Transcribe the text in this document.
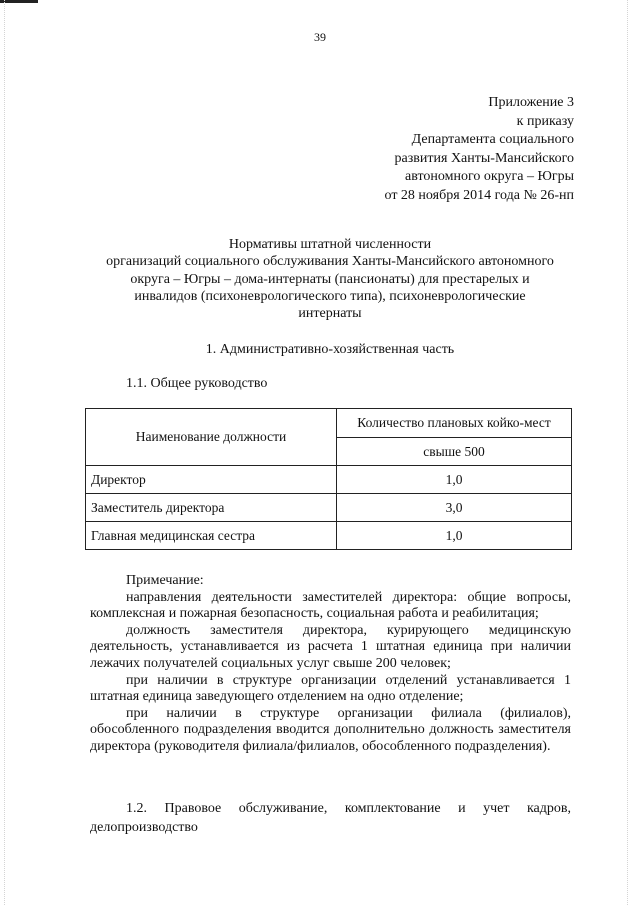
39
Приложение 3
к приказу
Департамента социального
развития Ханты-Мансийского
автономного округа – Югры
от 28 ноября 2014 года № 26-нп
Нормативы штатной численности
организаций социального обслуживания Ханты-Мансийского автономного
округа – Югры – дома-интернаты (пансионаты) для престарелых и
инвалидов (психоневрологического типа), психоневрологические
интернаты
1. Административно-хозяйственная часть
1.1. Общее руководство
Наименование должности	Количество плановых койко-мест
	свыше 500
Директор	1,0
Заместитель директора	3,0
Главная медицинская сестра	1,0
Примечание:

направления деятельности заместителей директора: общие вопросы, комплексная и пожарная безопасность, социальная работа и реабилитация;

должность заместителя директора, курирующего медицинскую деятельность, устанавливается из расчета 1 штатная единица при наличии лежачих получателей социальных услуг свыше 200 человек;

при наличии в структуре организации отделений устанавливается 1 штатная единица заведующего отделением на одно отделение;

при наличии в структуре организации филиала (филиалов), обособленного подразделения вводится дополнительно должность заместителя директора (руководителя филиала/филиалов, обособленного подразделения).

1.2. Правовое обслуживание, комплектование и учет кадров, делопроизводство
